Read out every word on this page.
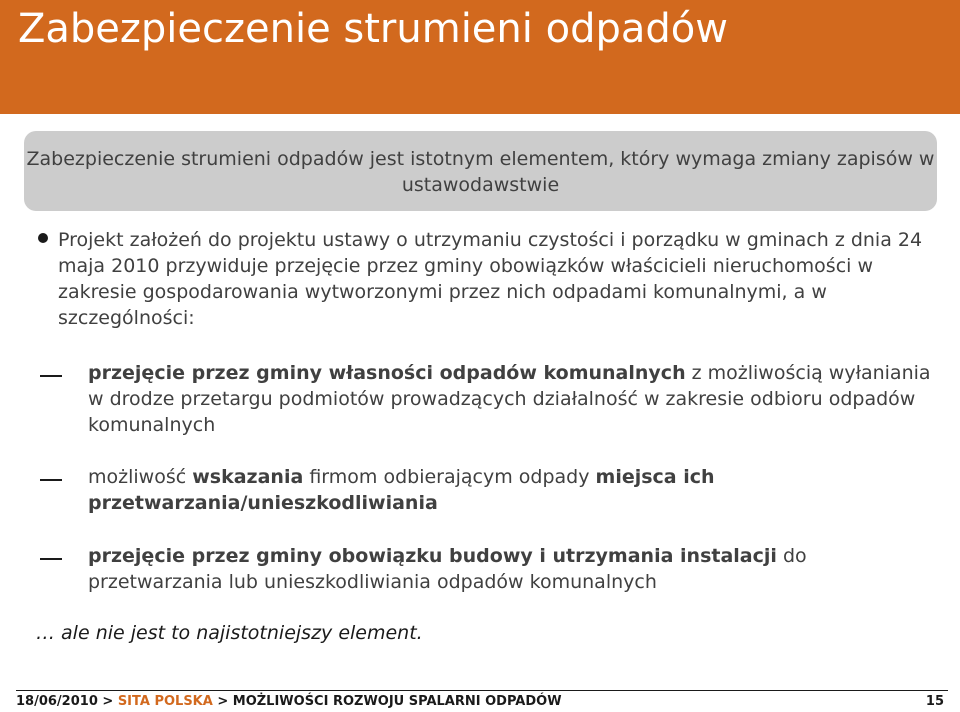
Zabezpieczenie strumieni odpadów
Zabezpieczenie strumieni odpadów jest istotnym elementem, który wymaga zmiany zapisów w ustawodawstwie
Projekt założeń do projektu ustawy o utrzymaniu czystości i porządku w gminach z dnia 24 maja 2010 przywiduje przejęcie przez gminy obowiązków właścicieli nieruchomości w zakresie gospodarowania wytworzonymi przez nich odpadami komunalnymi, a w szczególności:
przejęcie przez gminy własności odpadów komunalnych z możliwością wyłaniania w drodze przetargu podmiotów prowadzących działalność w zakresie odbioru odpadów komunalnych
możliwość wskazania firmom odbierającym odpady miejsca ich przetwarzania/unieszkodliwiania
przejęcie przez gminy obowiązku budowy i utrzymania instalacji do przetwarzania lub unieszkodliwiania odpadów komunalnych
… ale nie jest to najistotniejszy element.
18/06/2010 > SITA POLSKA > MOŻLIWOŚCI ROZWOJU SPALARNI ODPADÓW	15
